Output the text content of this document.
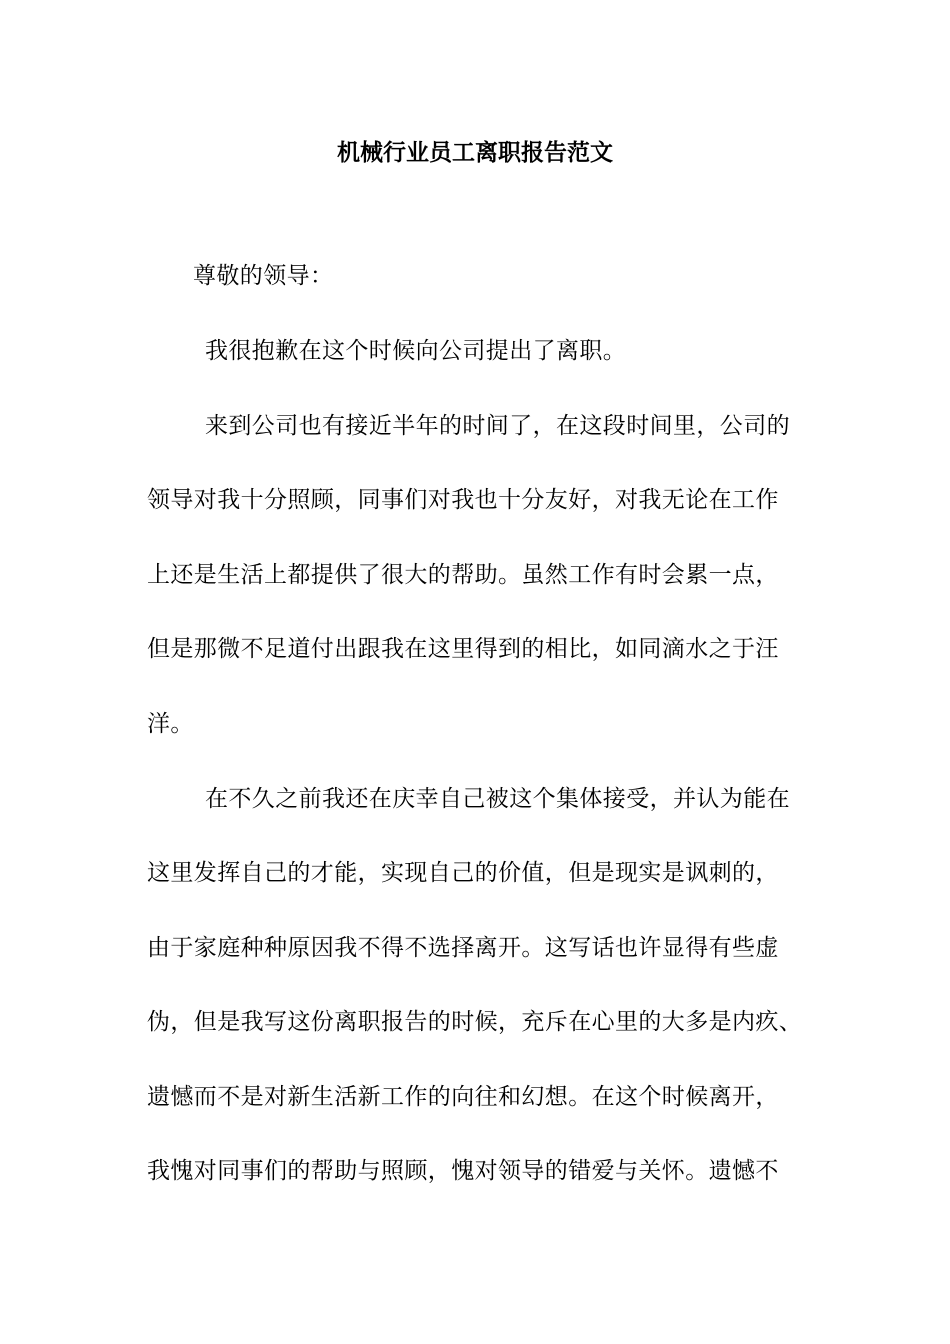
机械行业员工离职报告范文
尊敬的领导：
我很抱歉在这个时候向公司提出了离职。
来到公司也有接近半年的时间了，在这段时间里，公司的
领导对我十分照顾，同事们对我也十分友好，对我无论在工作
上还是生活上都提供了很大的帮助。虽然工作有时会累一点，
但是那微不足道付出跟我在这里得到的相比，如同滴水之于汪
洋。
在不久之前我还在庆幸自己被这个集体接受，并认为能在
这里发挥自己的才能，实现自己的价值，但是现实是讽刺的，
由于家庭种种原因我不得不选择离开。这写话也许显得有些虚
伪，但是我写这份离职报告的时候，充斥在心里的大多是内疚、
遗憾而不是对新生活新工作的向往和幻想。在这个时候离开，
我愧对同事们的帮助与照顾，愧对领导的错爱与关怀。遗憾不
